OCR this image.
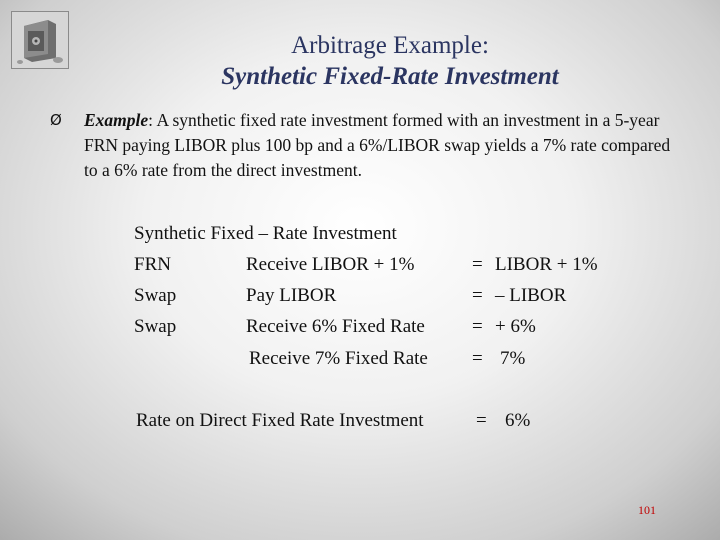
Arbitrage Example:
Synthetic Fixed-Rate Investment
Ø Example: A synthetic fixed rate investment formed with an investment in a 5-year FRN paying LIBOR plus 100 bp and a 6%/LIBOR swap yields a 7% rate compared to a 6% rate from the direct investment.
Synthetic Fixed – Rate Investment
FRN	Receive LIBOR + 1%	= LIBOR + 1%
Swap	Pay LIBOR	= – LIBOR
Swap	Receive 6% Fixed Rate = + 6%
Receive 7% Fixed Rate = 7%
Rate on Direct Fixed Rate Investment	= 6%
101
